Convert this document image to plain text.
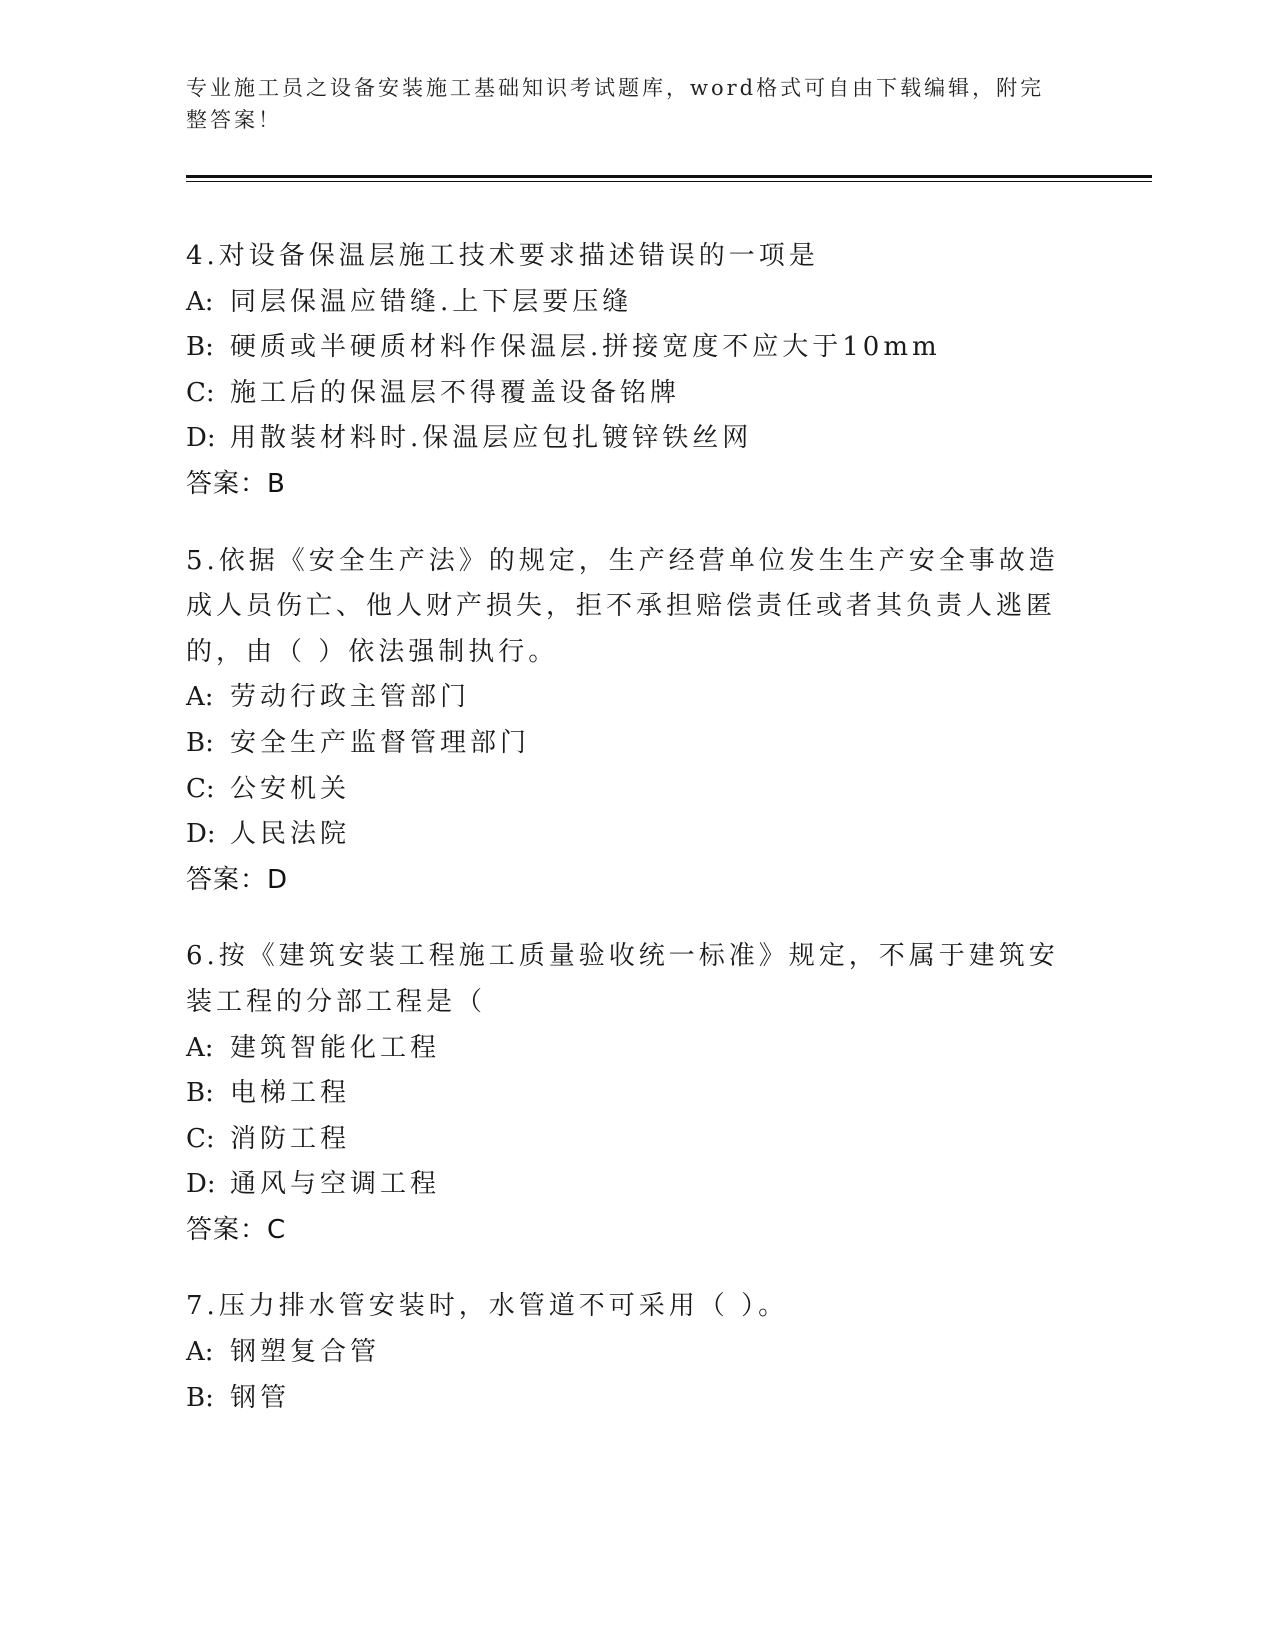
专业施工员之设备安装施工基础知识考试题库，word格式可自由下载编辑，附完整答案！
4.对设备保温层施工技术要求描述错误的一项是
A: 同层保温应错缝.上下层要压缝
B: 硬质或半硬质材料作保温层.拼接宽度不应大于10mm
C: 施工后的保温层不得覆盖设备铭牌
D: 用散装材料时.保温层应包扎镀锌铁丝网
答案：B
5.依据《安全生产法》的规定，生产经营单位发生生产安全事故造成人员伤亡、他人财产损失，拒不承担赔偿责任或者其负责人逃匿的，由（ ）依法强制执行。
A: 劳动行政主管部门
B: 安全生产监督管理部门
C: 公安机关
D: 人民法院
答案：D
6.按《建筑安装工程施工质量验收统一标准》规定，不属于建筑安装工程的分部工程是（
A: 建筑智能化工程
B: 电梯工程
C: 消防工程
D: 通风与空调工程
答案：C
7.压力排水管安装时，水管道不可采用（ ）。
A: 钢塑复合管
B: 钢管
